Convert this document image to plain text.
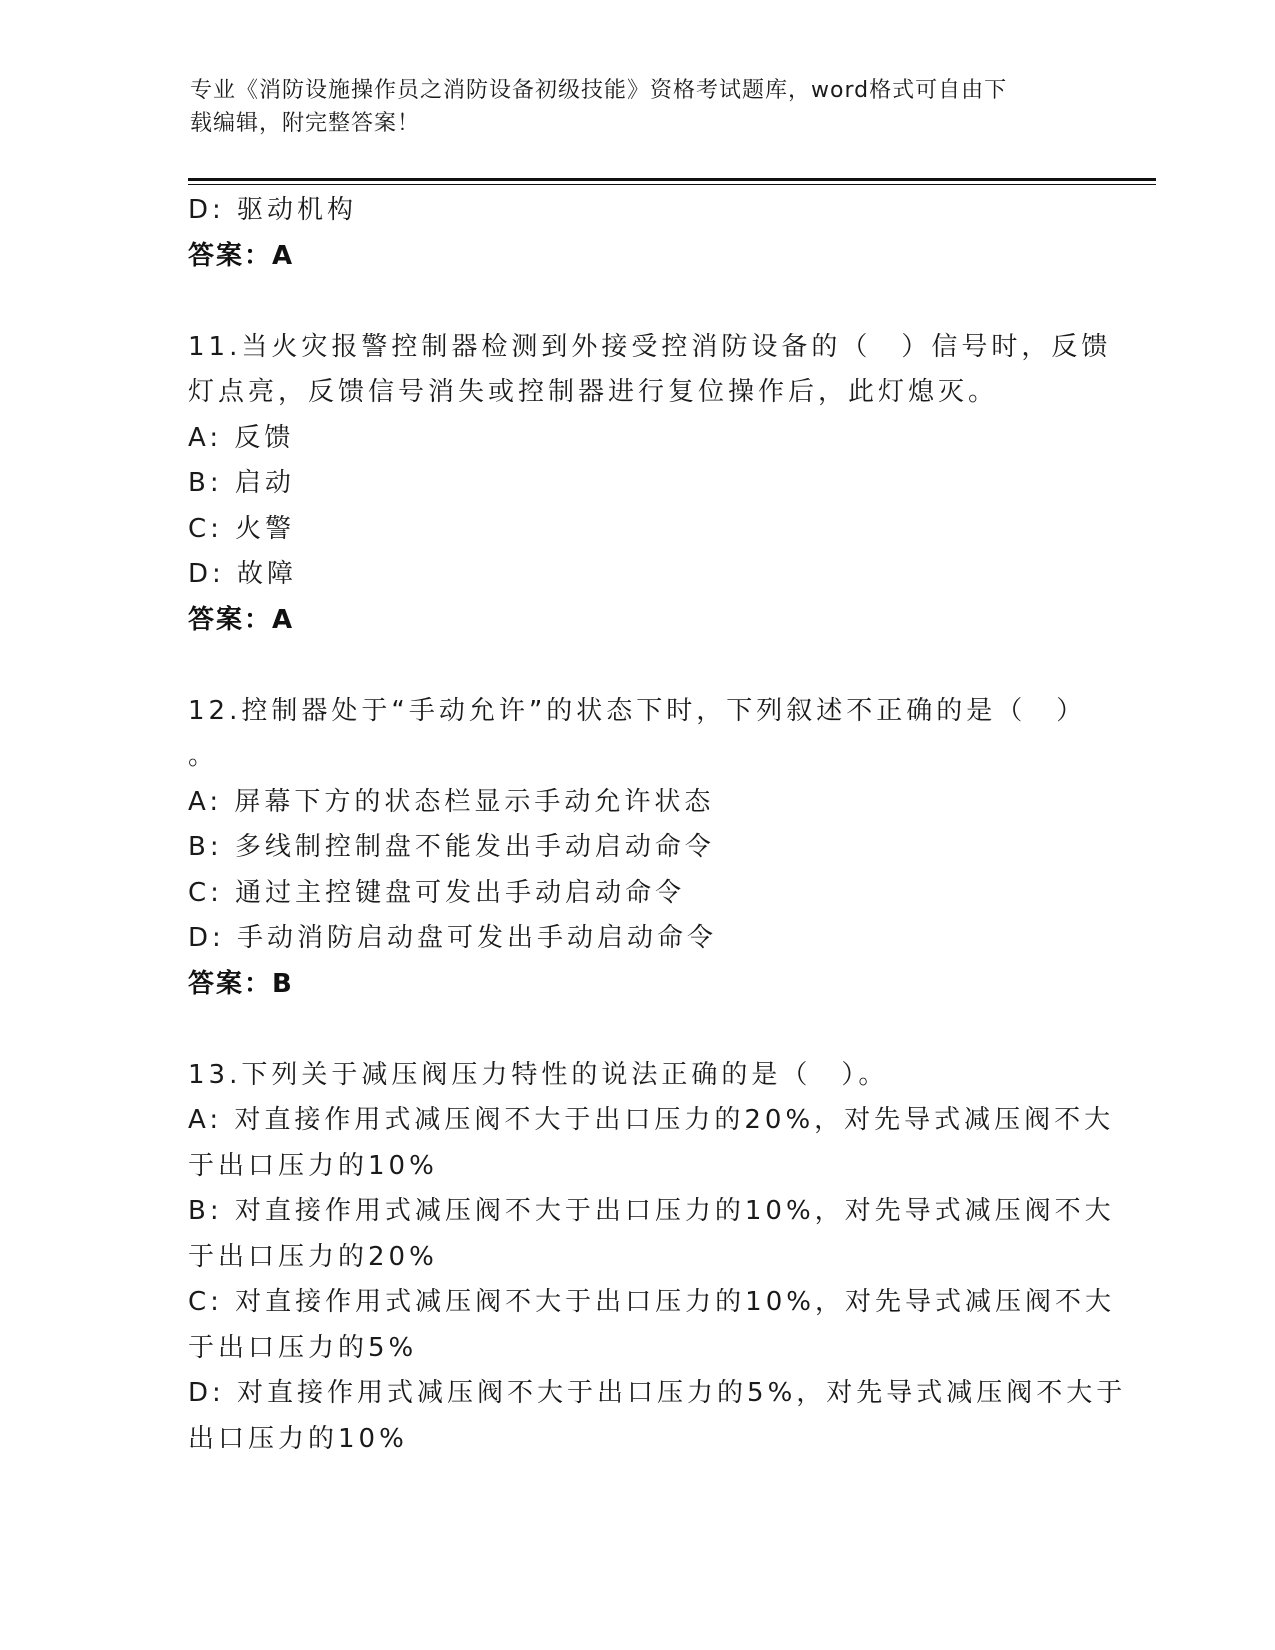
专业《消防设施操作员之消防设备初级技能》资格考试题库，word格式可自由下
载编辑，附完整答案！
D: 驱动机构
答案：A
11.当火灾报警控制器检测到外接受控消防设备的（　）信号时，反馈
灯点亮，反馈信号消失或控制器进行复位操作后，此灯熄灭。
A: 反馈
B: 启动
C: 火警
D: 故障
答案：A
12.控制器处于“手动允许”的状态下时，下列叙述不正确的是（　）
。
A: 屏幕下方的状态栏显示手动允许状态
B: 多线制控制盘不能发出手动启动命令
C: 通过主控键盘可发出手动启动命令
D: 手动消防启动盘可发出手动启动命令
答案：B
13.下列关于减压阀压力特性的说法正确的是（　）。
A: 对直接作用式减压阀不大于出口压力的20%，对先导式减压阀不大
于出口压力的10%
B: 对直接作用式减压阀不大于出口压力的10%，对先导式减压阀不大
于出口压力的20%
C: 对直接作用式减压阀不大于出口压力的10%，对先导式减压阀不大
于出口压力的5%
D: 对直接作用式减压阀不大于出口压力的5%，对先导式减压阀不大于
出口压力的10%
